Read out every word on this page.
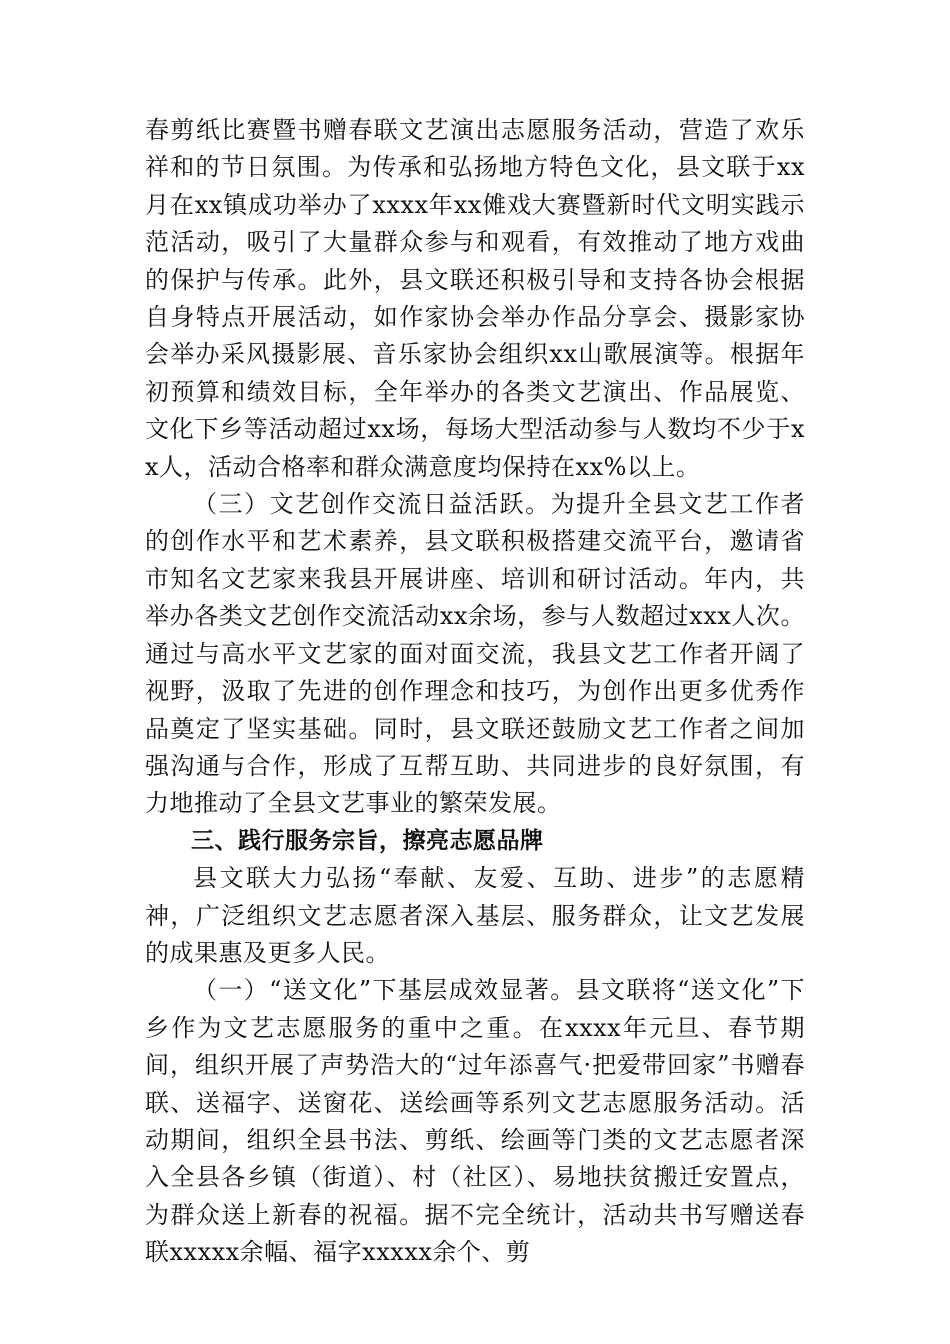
春剪纸比赛暨书赠春联文艺演出志愿服务活动，营造了欢乐祥和的节日氛围。为传承和弘扬地方特色文化，县文联于xx月在xx镇成功举办了xxxx年xx傩戏大赛暨新时代文明实践示范活动，吸引了大量群众参与和观看，有效推动了地方戏曲的保护与传承。此外，县文联还积极引导和支持各协会根据自身特点开展活动，如作家协会举办作品分享会、摄影家协会举办采风摄影展、音乐家协会组织xx山歌展演等。根据年初预算和绩效目标，全年举办的各类文艺演出、作品展览、文化下乡等活动超过xx场，每场大型活动参与人数均不少于xx人，活动合格率和群众满意度均保持在xx%以上。

（三）文艺创作交流日益活跃。为提升全县文艺工作者的创作水平和艺术素养，县文联积极搭建交流平台，邀请省市知名文艺家来我县开展讲座、培训和研讨活动。年内，共举办各类文艺创作交流活动xx余场，参与人数超过xxx人次。通过与高水平文艺家的面对面交流，我县文艺工作者开阔了视野，汲取了先进的创作理念和技巧，为创作出更多优秀作品奠定了坚实基础。同时，县文联还鼓励文艺工作者之间加强沟通与合作，形成了互帮互助、共同进步的良好氛围，有力地推动了全县文艺事业的繁荣发展。

三、践行服务宗旨，擦亮志愿品牌

县文联大力弘扬“奉献、友爱、互助、进步”的志愿精神，广泛组织文艺志愿者深入基层、服务群众，让文艺发展的成果惠及更多人民。

（一）“送文化”下基层成效显著。县文联将“送文化”下乡作为文艺志愿服务的重中之重。在xxxx年元旦、春节期间，组织开展了声势浩大的“过年添喜气·把爱带回家”书赠春联、送福字、送窗花、送绘画等系列文艺志愿服务活动。活动期间，组织全县书法、剪纸、绘画等门类的文艺志愿者深入全县各乡镇（街道）、村（社区）、易地扶贫搬迁安置点，为群众送上新春的祝福。据不完全统计，活动共书写赠送春联xxxxx余幅、福字xxxxx余个、剪
